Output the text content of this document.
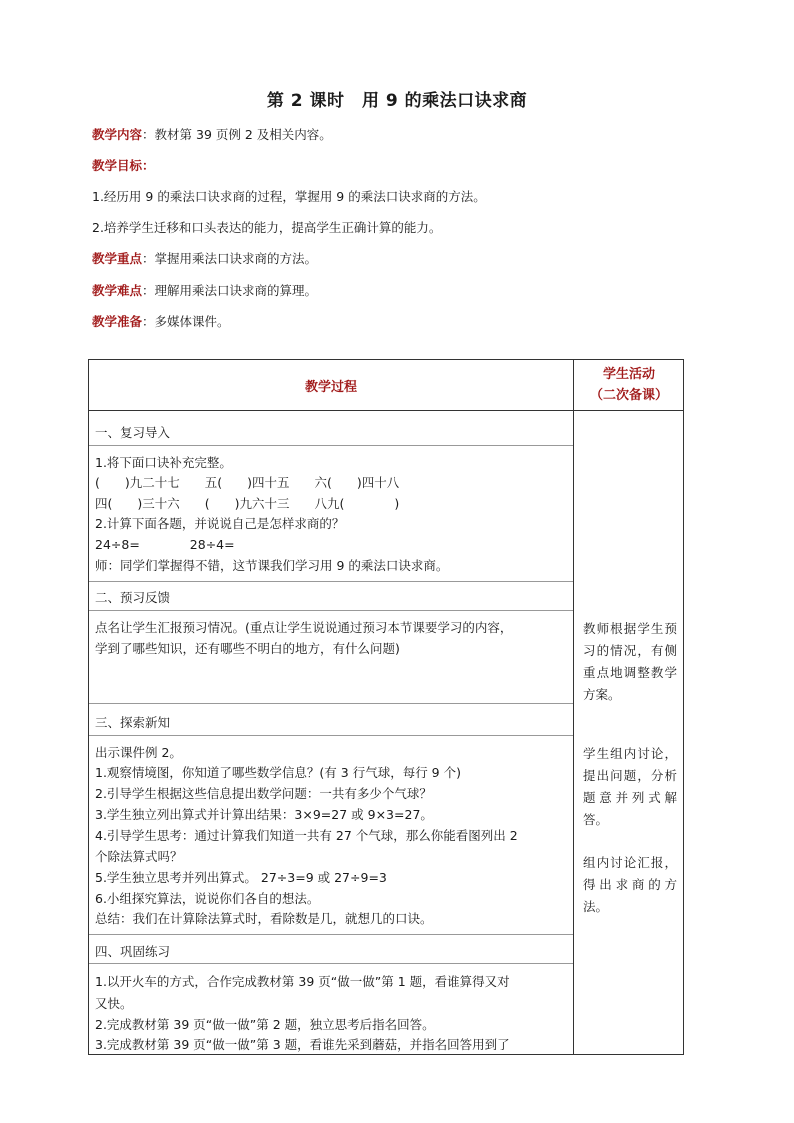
第 2 课时　用 9 的乘法口诀求商
教学内容：教材第 39 页例 2 及相关内容。
教学目标：
1.经历用 9 的乘法口诀求商的过程，掌握用 9 的乘法口诀求商的方法。
2.培养学生迁移和口头表达的能力，提高学生正确计算的能力。
教学重点：掌握用乘法口诀求商的方法。
教学难点：理解用乘法口诀求商的算理。
教学准备：多媒体课件。
教学过程
学生活动
（二次备课）
一、复习导入
1.将下面口诀补充完整。
(　　)九二十七　　五(　　)四十五　　六(　　)四十八
四(　　)三十六　　(　　)九六十三　　八九(　　　　)
2.计算下面各题，并说说自己是怎样求商的？
24÷8=　　　　28÷4=
师：同学们掌握得不错，这节课我们学习用 9 的乘法口诀求商。
二、预习反馈
点名让学生汇报预习情况。(重点让学生说说通过预习本节课要学习的内容，
学到了哪些知识，还有哪些不明白的地方，有什么问题)
三、探索新知
出示课件例 2。
1.观察情境图，你知道了哪些数学信息？(有 3 行气球，每行 9 个)
2.引导学生根据这些信息提出数学问题：一共有多少个气球？
3.学生独立列出算式并计算出结果：3×9=27 或 9×3=27。
4.引导学生思考：通过计算我们知道一共有 27 个气球，那么你能看图列出 2
个除法算式吗？
5.学生独立思考并列出算式。 27÷3=9 或 27÷9=3
6.小组探究算法，说说你们各自的想法。
总结：我们在计算除法算式时，看除数是几，就想几的口诀。
四、巩固练习
1.以开火车的方式，合作完成教材第 39 页“做一做”第 1 题，看谁算得又对
又快。
2.完成教材第 39 页“做一做”第 2 题，独立思考后指名回答。
3.完成教材第 39 页“做一做”第 3 题，看谁先采到蘑菇，并指名回答用到了
教师根据学生预习的情况，有侧重点地调整教学方案。
学生组内讨论，提出问题，分析题意并列式解答。
组内讨论汇报，得出求商的方法。
